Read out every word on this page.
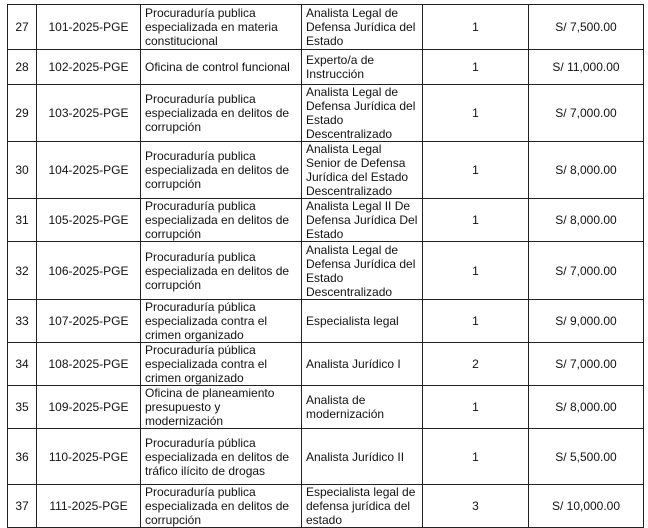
27	101-2025-PGE	Procuraduría publica especializada en materia constitucional	Analista Legal de Defensa Jurídica del Estado	1	S/ 7,500.00
28	102-2025-PGE	Oficina de control funcional	Experto/a de Instrucción	1	S/ 11,000.00
29	103-2025-PGE	Procuraduría publica especializada en delitos de corrupción	Analista Legal de Defensa Jurídica del Estado Descentralizado	1	S/ 7,000.00
30	104-2025-PGE	Procuraduría publica especializada en delitos de corrupción	Analista Legal Senior de Defensa Jurídica del Estado Descentralizado	1	S/ 8,000.00
31	105-2025-PGE	Procuraduría publica especializada en delitos de corrupción	Analista Legal II De Defensa Jurídica Del Estado	1	S/ 8,000.00
32	106-2025-PGE	Procuraduría publica especializada en delitos de corrupción	Analista Legal de Defensa Jurídica del Estado Descentralizado	1	S/ 7,000.00
33	107-2025-PGE	Procuraduría pública especializada contra el crimen organizado	Especialista legal	1	S/ 9,000.00
34	108-2025-PGE	Procuraduría pública especializada contra el crimen organizado	Analista Jurídico I	2	S/ 7,000.00
35	109-2025-PGE	Oficina de planeamiento presupuesto y modernización	Analista de modernización	1	S/ 8,000.00
36	110-2025-PGE	Procuraduría pública especializada en delitos de tráfico ilícito de drogas	Analista Jurídico II	1	S/ 5,500.00
37	111-2025-PGE	Procuraduría publica especializada en delitos de corrupción	Especialista legal de defensa jurídica del estado	3	S/ 10,000.00
